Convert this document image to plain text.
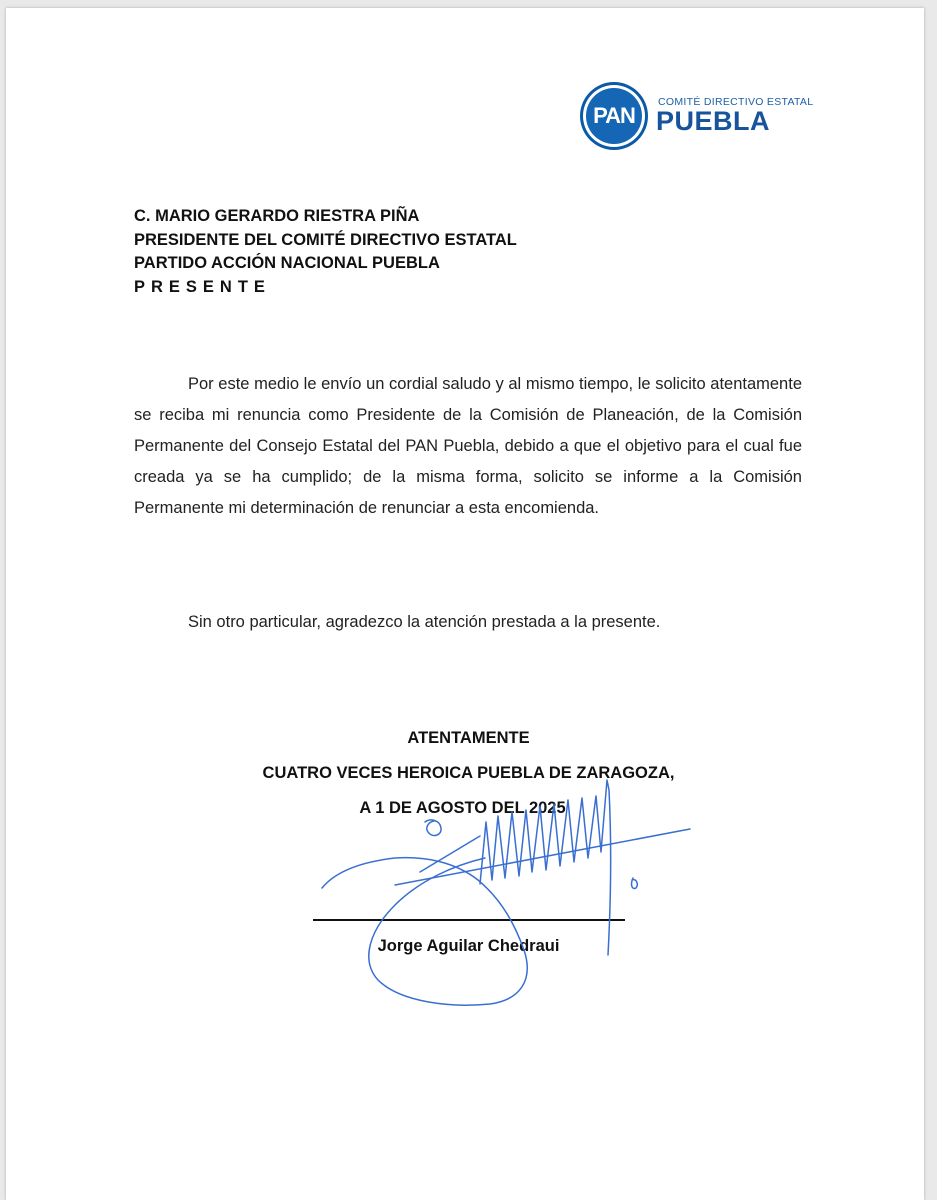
PAN
COMITÉ DIRECTIVO ESTATAL
PUEBLA
C. MARIO GERARDO RIESTRA PIÑA
PRESIDENTE DEL COMITÉ DIRECTIVO ESTATAL
PARTIDO ACCIÓN NACIONAL PUEBLA
PRESENTE

Por este medio le envío un cordial saludo y al mismo tiempo, le solicito atentamente se reciba mi renuncia como Presidente de la Comisión de Planeación, de la Comisión Permanente del Consejo Estatal del PAN Puebla, debido a que el objetivo para el cual fue creada ya se ha cumplido; de la misma forma, solicito se informe a la Comisión Permanente mi determinación de renunciar a esta encomienda.

Sin otro particular, agradezco la atención prestada a la presente.

ATENTAMENTE
CUATRO VECES HEROICA PUEBLA DE ZARAGOZA,
A 1 DE AGOSTO DEL 2025
Jorge Aguilar Chedraui
